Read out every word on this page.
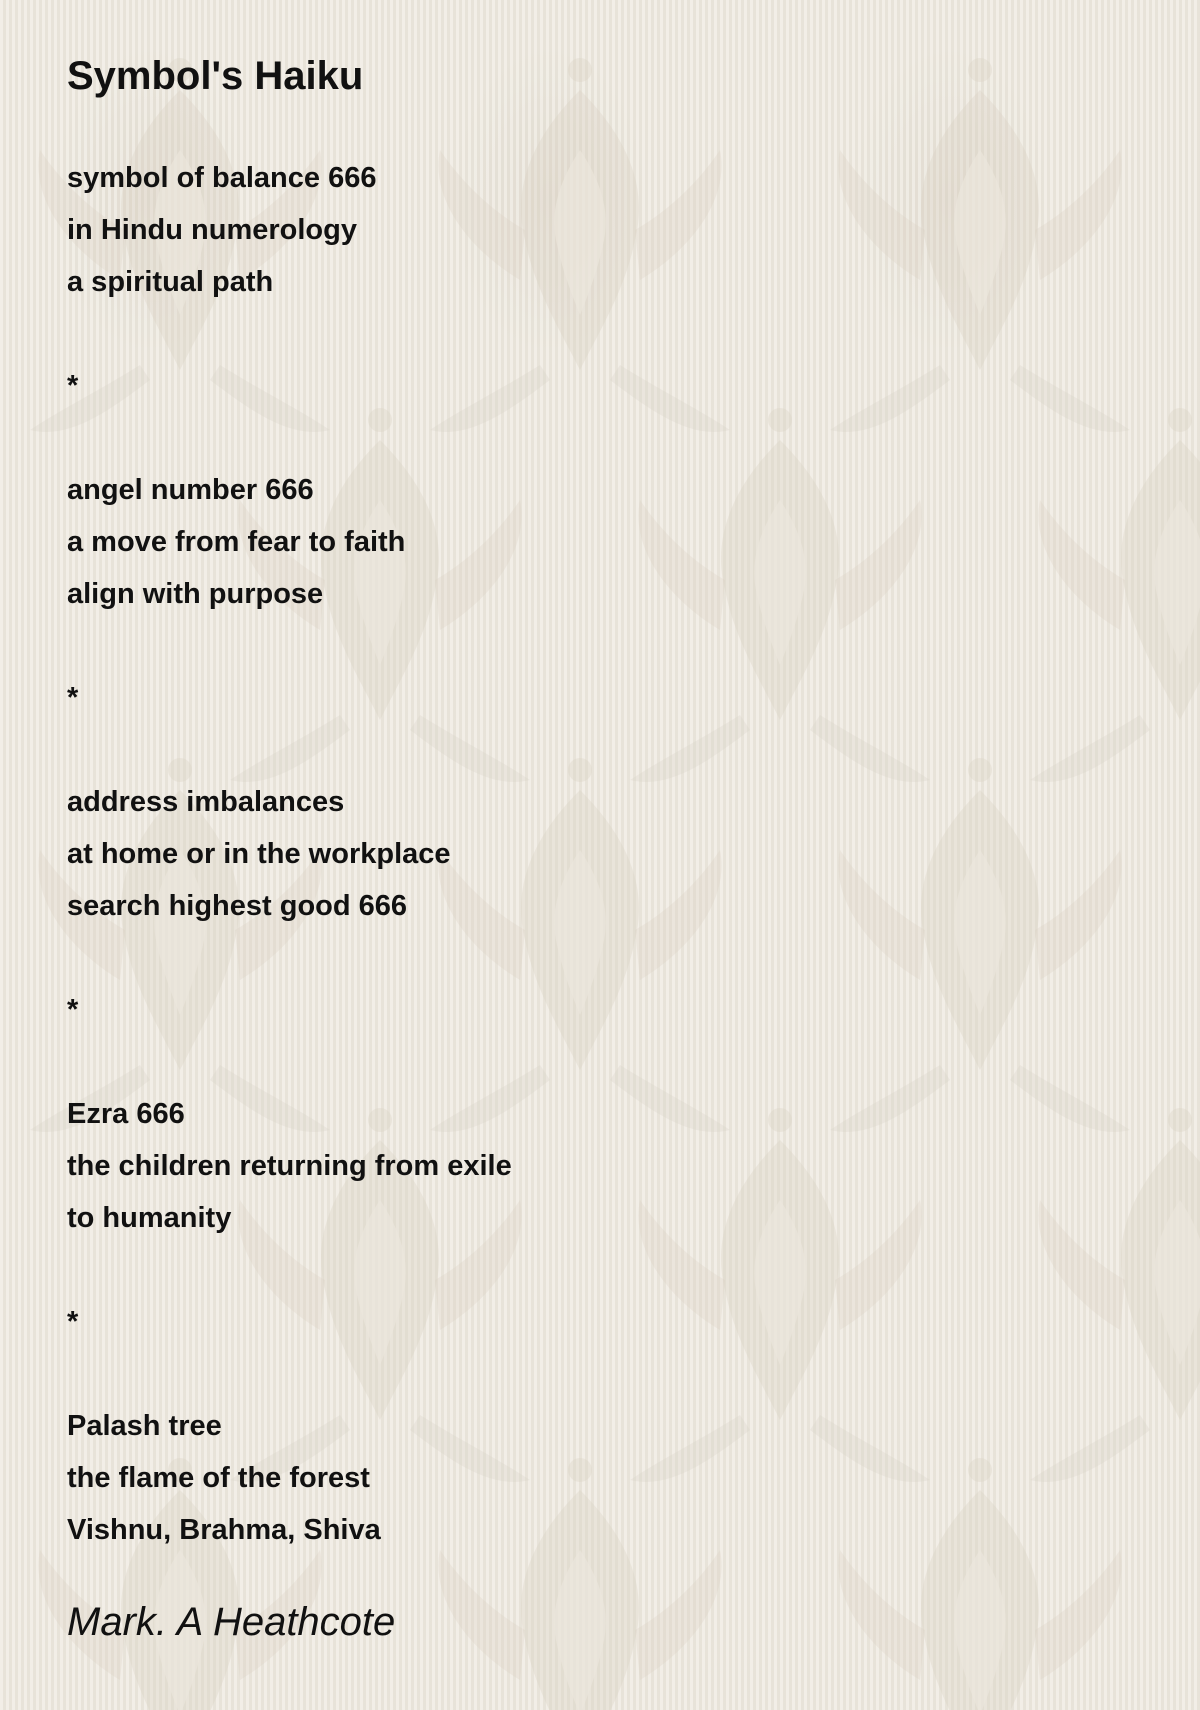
Symbol's Haiku

symbol of balance 666
in Hindu numerology
a spiritual path

*

angel number 666
a move from fear to faith
align with purpose

*

address imbalances
at home or in the workplace
search highest good 666

*

Ezra 666
the children returning from exile
to humanity

*

Palash tree
the flame of the forest
Vishnu, Brahma, Shiva

Mark. A Heathcote
